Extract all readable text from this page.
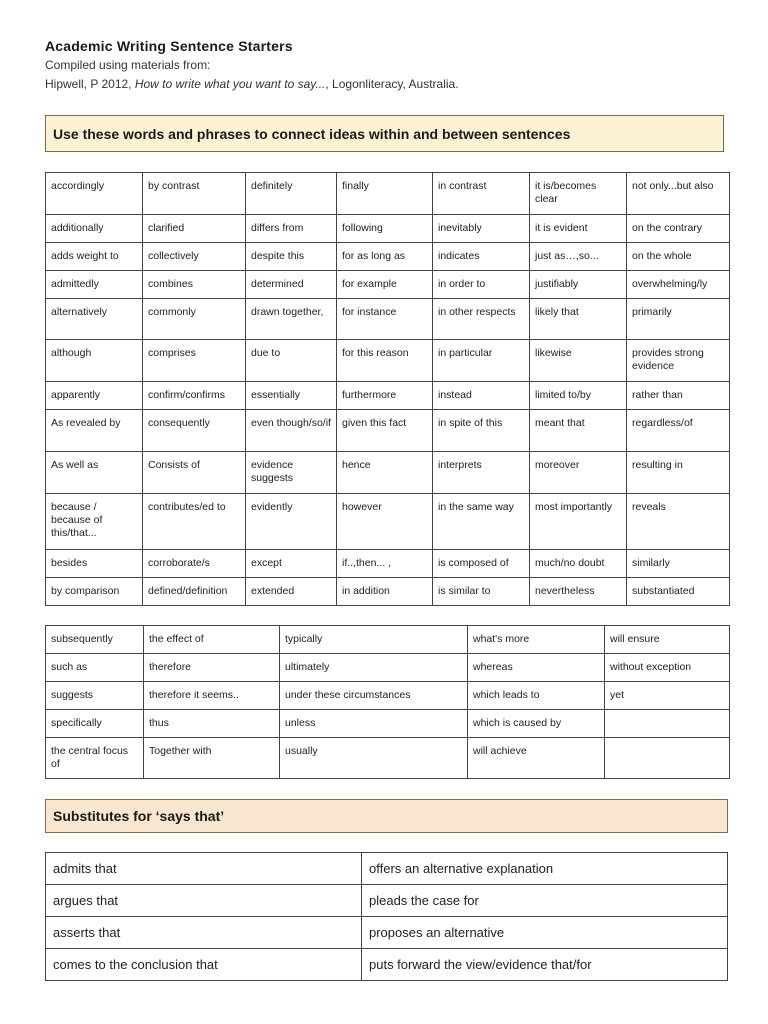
Academic Writing Sentence Starters
Compiled using materials from:
Hipwell, P 2012, How to write what you want to say..., Logonliteracy, Australia.
Use these words and phrases to connect ideas within and between sentences
accordingly	by contrast	definitely	finally	in contrast	it is/becomes clear	not only...but also
additionally	clarified	differs from	following	inevitably	it is evident	on the contrary
adds weight to	collectively	despite this	for as long as	indicates	just as…,so...	on the whole
admittedly	combines	determined	for example	in order to	justifiably	overwhelming/ly
alternatively	commonly	drawn together,	for instance	in other respects	likely that	primarily
although	comprises	due to	for this reason	in particular	likewise	provides strong evidence
apparently	confirm/confirms	essentially	furthermore	instead	limited to/by	rather than
As revealed by	consequently	even though/so/if	given this fact	in spite of this	meant that	regardless/of
As well as	Consists of	evidence suggests	hence	interprets	moreover	resulting in
because / because of this/that...	contributes/ed to	evidently	however	in the same way	most importantly	reveals
besides	corroborate/s	except	if..,then... ,	is composed of	much/no doubt	similarly
by comparison	defined/definition	extended	in addition	is similar to	nevertheless	substantiated
subsequently	the effect of	typically	what's more	will ensure
such as	therefore	ultimately	whereas	without exception
suggests	therefore it seems..	under these circumstances	which leads to	yet
specifically	thus	unless	which is caused by	
the central focus of	Together with	usually	will achieve	
Substitutes for ‘says that’
admits that	offers an alternative explanation
argues that	pleads the case for
asserts that	proposes an alternative
comes to the conclusion that	puts forward the view/evidence that/for
